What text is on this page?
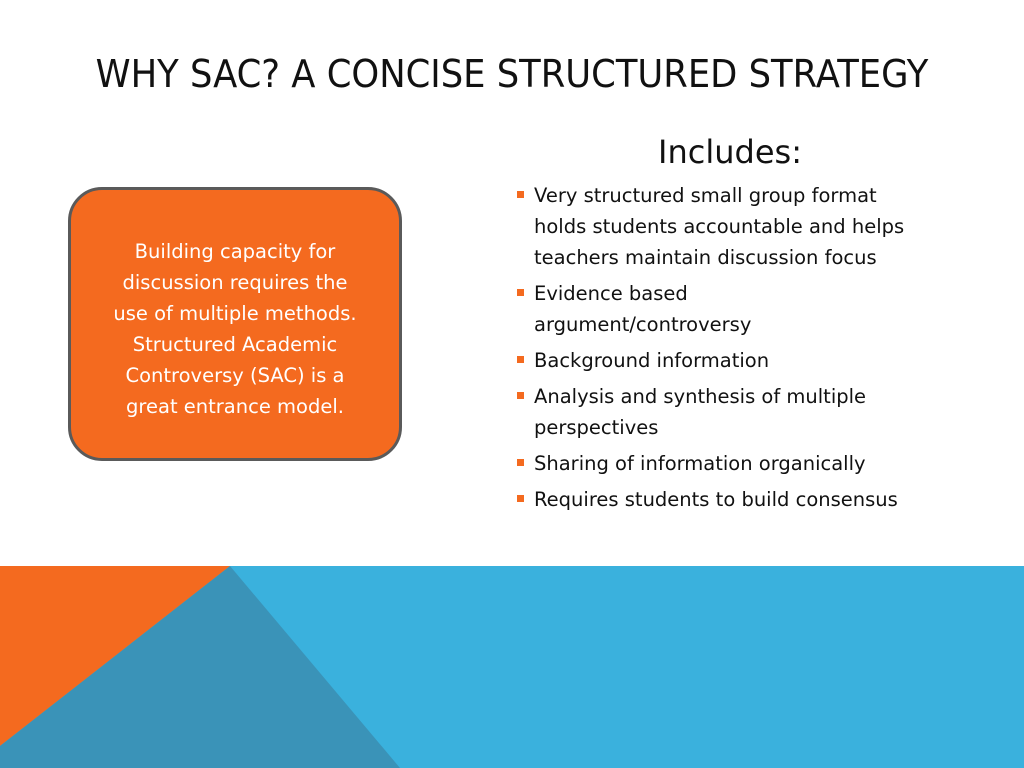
WHY SAC? A CONCISE STRUCTURED STRATEGY
Building capacity for
discussion requires the
use of multiple methods.
Structured Academic
Controversy (SAC) is a
great entrance model.
Includes:
Very structured small group format
holds students accountable and helps
teachers maintain discussion focus
Evidence based
argument/controversy
Background information
Analysis and synthesis of multiple
perspectives
Sharing of information organically
Requires students to build consensus
